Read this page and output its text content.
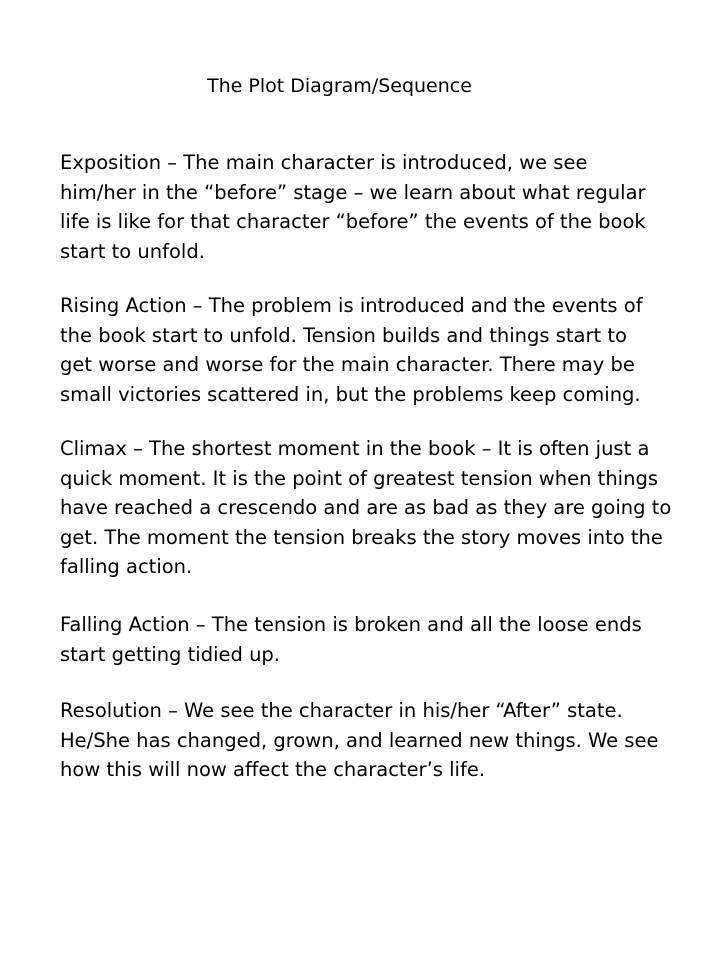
The Plot Diagram/Sequence

Exposition – The main character is introduced, we see
him/her in the “before” stage – we learn about what regular
life is like for that character “before” the events of the book
start to unfold.

Rising Action – The problem is introduced and the events of
the book start to unfold. Tension builds and things start to
get worse and worse for the main character. There may be
small victories scattered in, but the problems keep coming.

Climax – The shortest moment in the book – It is often just a
quick moment. It is the point of greatest tension when things
have reached a crescendo and are as bad as they are going to
get. The moment the tension breaks the story moves into the
falling action.

Falling Action – The tension is broken and all the loose ends
start getting tidied up.

Resolution – We see the character in his/her “After” state.
He/She has changed, grown, and learned new things. We see
how this will now affect the character’s life.
